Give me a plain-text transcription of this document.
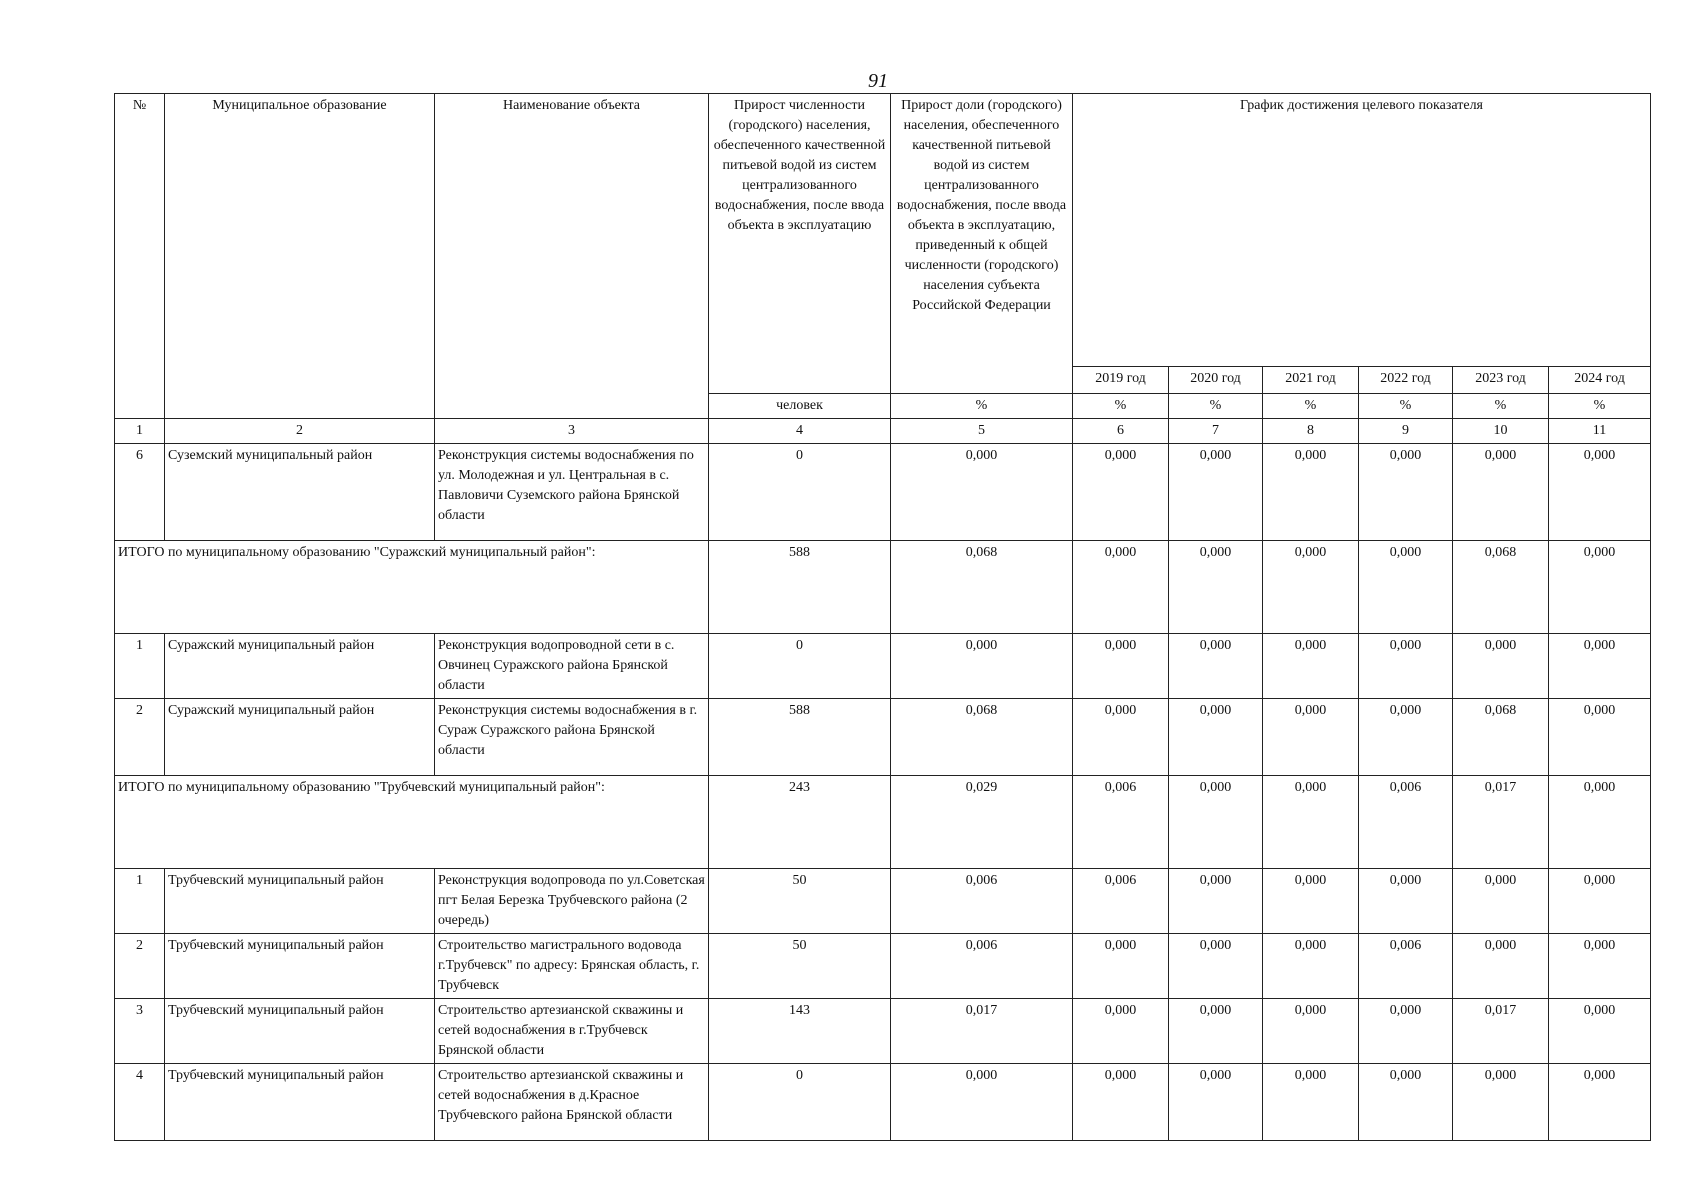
91
№	Муниципальное образование	Наименование объекта	Прирост численности (городского) населения, обеспеченного качественной питьевой водой из систем централизованного водоснабжения, после ввода объекта в эксплуатацию	Прирост доли (городского) населения, обеспеченного качественной питьевой водой из систем централизованного водоснабжения, после ввода объекта в эксплуатацию, приведенный к общей численности (городского) населения субъекта Российской Федерации	График достижения целевого показателя					
					2019 год	2020 год	2021 год	2022 год	2023 год	2024 год
			человек	%	%	%	%	%	%	%
1	2	3	4	5	6	7	8	9	10	11
6	Суземский муниципальный район	Реконструкция системы водоснабжения по ул. Молодежная и ул. Центральная в с. Павловичи Суземского района Брянской области	0	0,000	0,000	0,000	0,000	0,000	0,000	0,000
ИТОГО по муниципальному образованию "Суражский муниципальный район":			588	0,068	0,000	0,000	0,000	0,000	0,068	0,000
1	Суражский муниципальный район	Реконструкция водопроводной сети в с. Овчинец Суражского района Брянской области	0	0,000	0,000	0,000	0,000	0,000	0,000	0,000
2	Суражский муниципальный район	Реконструкция системы водоснабжения в г. Сураж Суражского района Брянской области	588	0,068	0,000	0,000	0,000	0,000	0,068	0,000
ИТОГО по муниципальному образованию "Трубчевский муниципальный район":			243	0,029	0,006	0,000	0,000	0,006	0,017	0,000
1	Трубчевский муниципальный район	Реконструкция водопровода по ул.Советская пгт Белая Березка Трубчевского района (2 очередь)	50	0,006	0,006	0,000	0,000	0,000	0,000	0,000
2	Трубчевский муниципальный район	Строительство магистрального водовода г.Трубчевск" по адресу: Брянская область, г. Трубчевск	50	0,006	0,000	0,000	0,000	0,006	0,000	0,000
3	Трубчевский муниципальный район	Строительство артезианской скважины и сетей водоснабжения в г.Трубчевск Брянской области	143	0,017	0,000	0,000	0,000	0,000	0,017	0,000
4	Трубчевский муниципальный район	Строительство артезианской скважины и сетей водоснабжения в д.Красное Трубчевского района Брянской области	0	0,000	0,000	0,000	0,000	0,000	0,000	0,000
